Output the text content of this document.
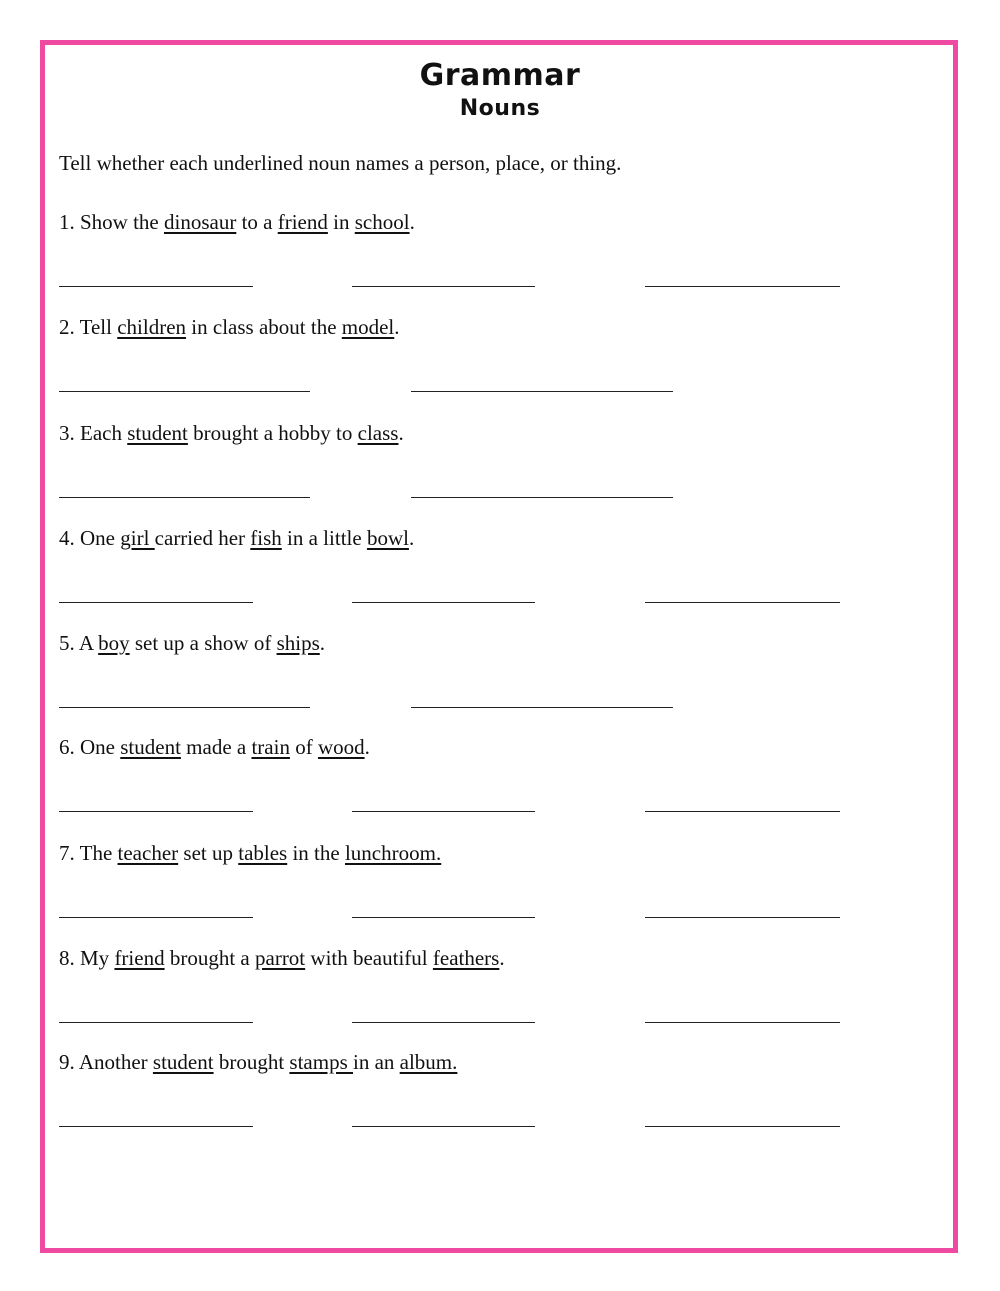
Grammar
Nouns
Tell whether each underlined noun names a person, place, or thing.
1. Show the dinosaur to a friend in school.
2. Tell children in class about the model.
3. Each student brought a hobby to class.
4. One girl carried her fish in a little bowl.
5. A boy set up a show of ships.
6. One student made a train of wood.
7. The teacher set up tables in the lunchroom.
8. My friend brought a parrot with beautiful feathers.
9. Another student brought stamps in an album.
